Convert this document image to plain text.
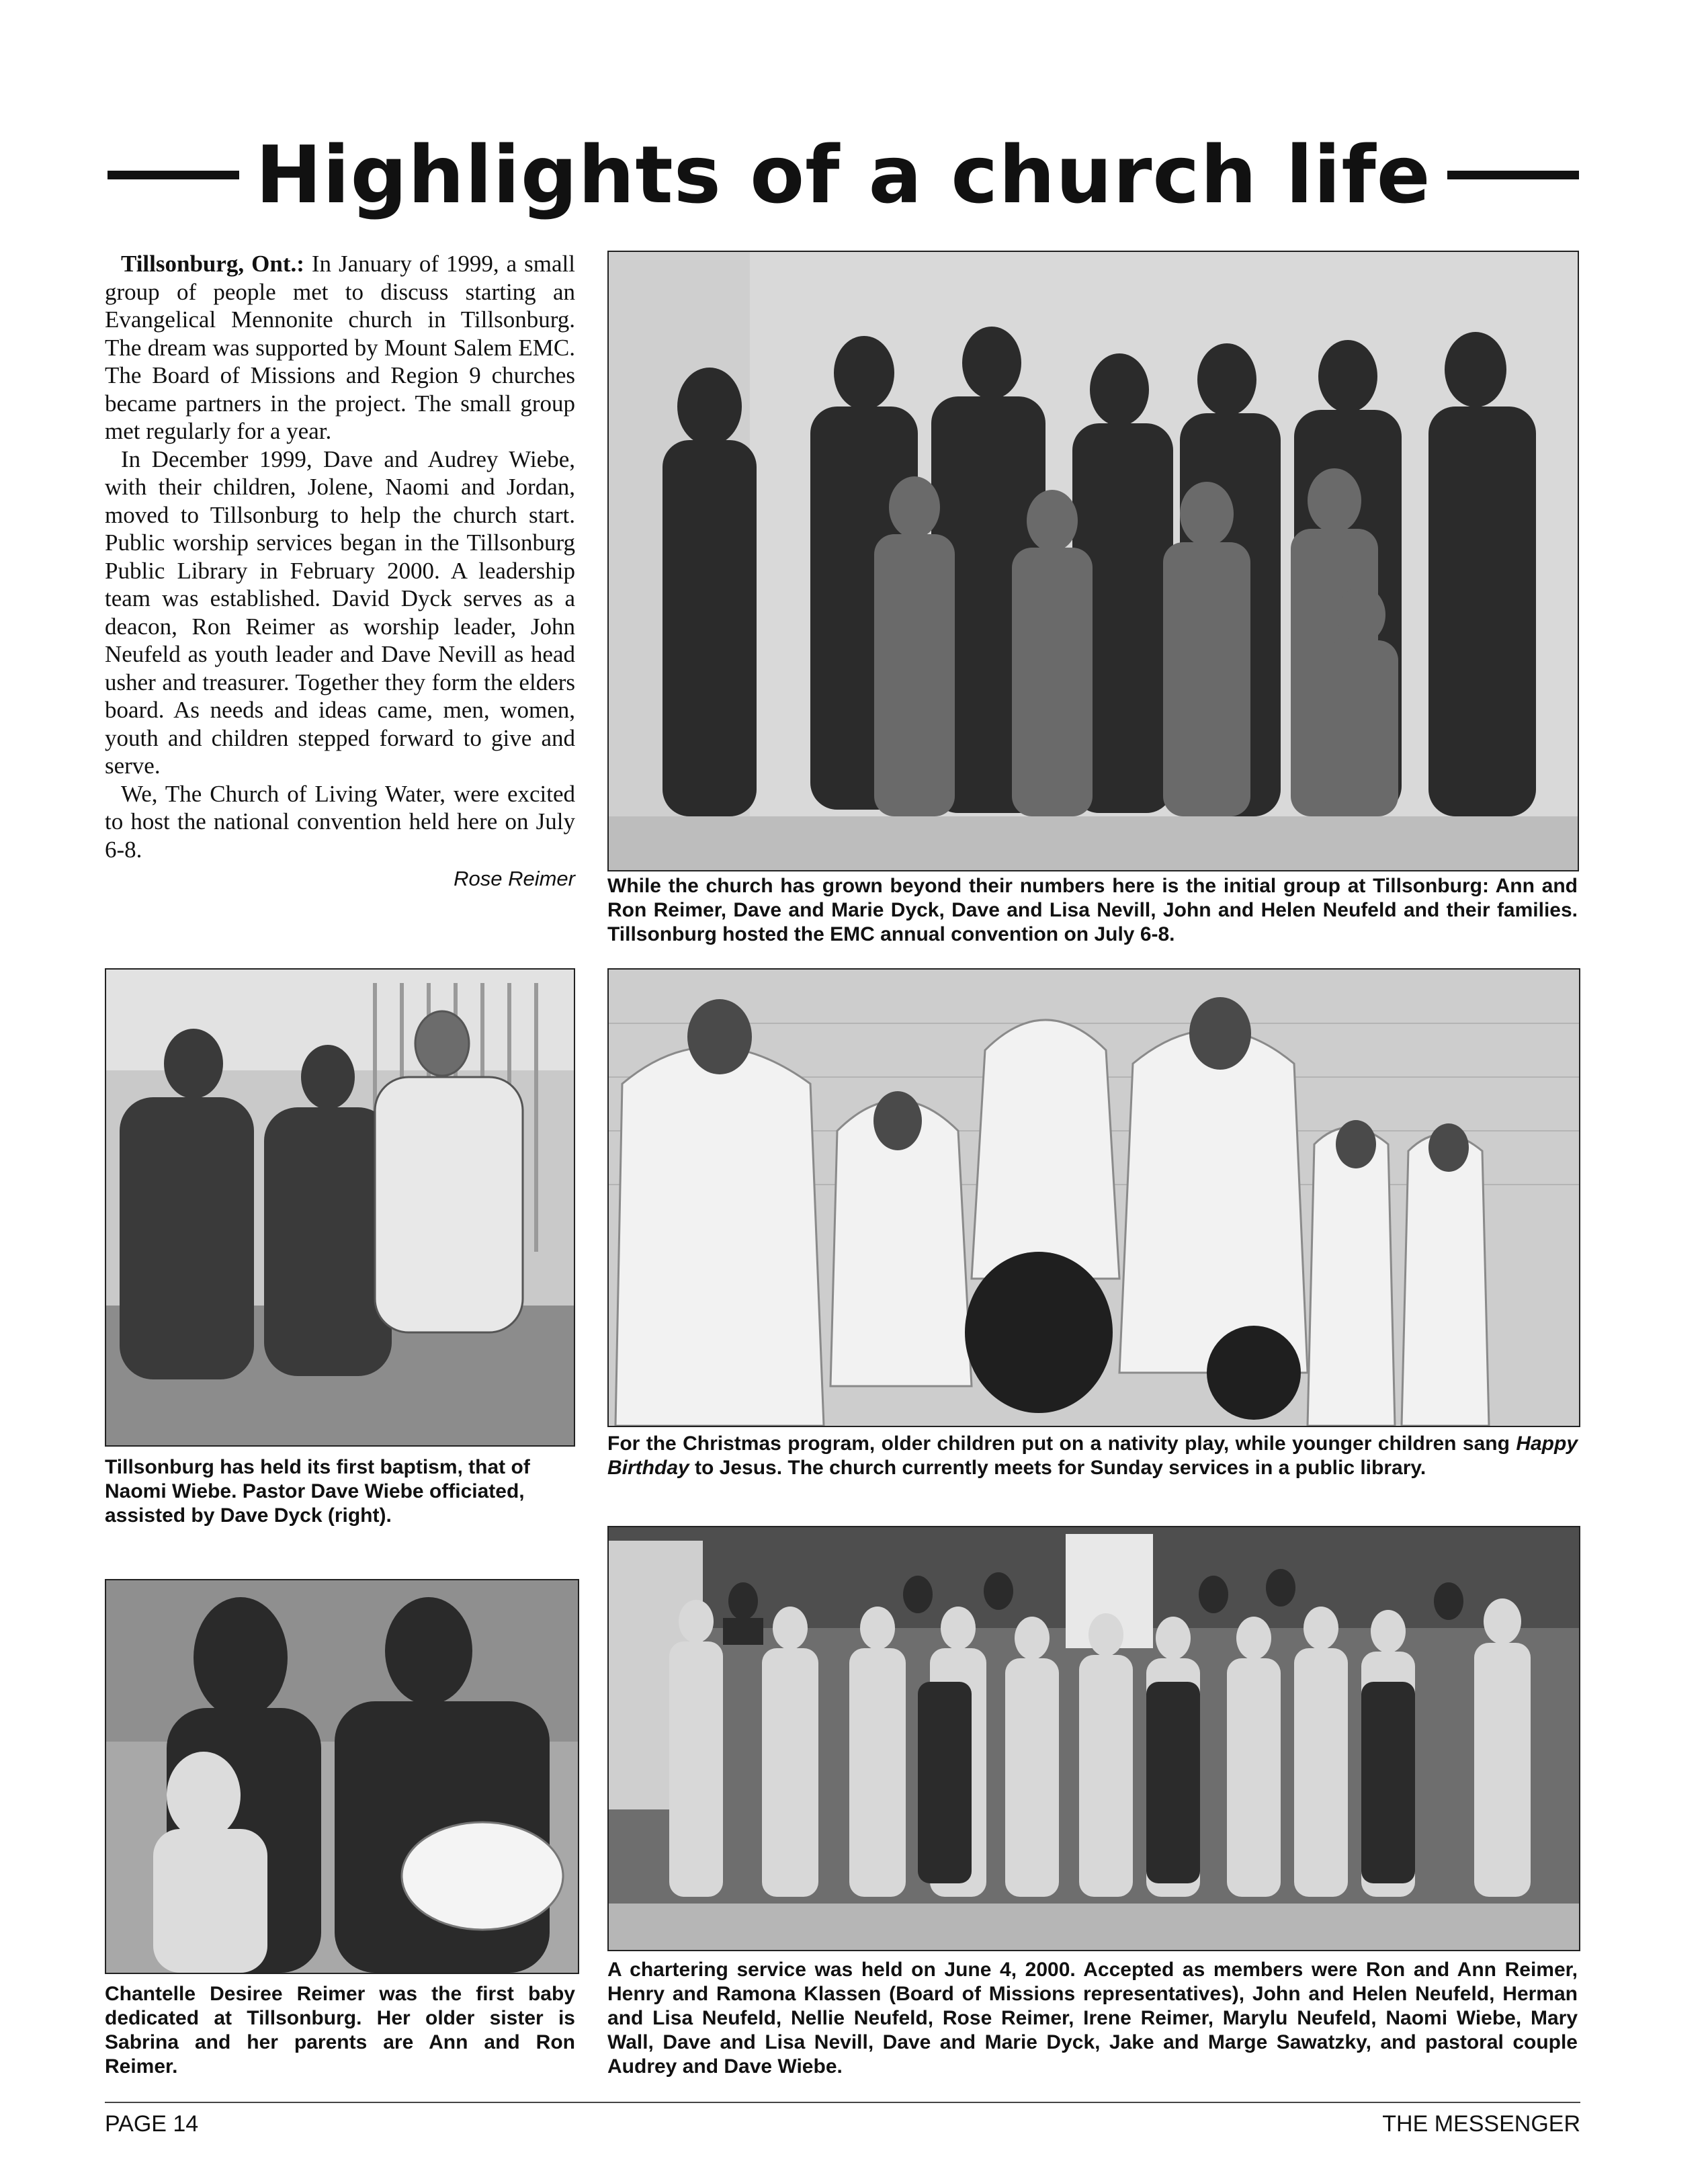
Highlights of a church life

Tillsonburg, Ont.: In January of 1999, a small group of people met to discuss starting an Evangelical Mennonite church in Tillsonburg. The dream was supported by Mount Salem EMC. The Board of Missions and Region 9 churches became partners in the project. The small group met regularly for a year.

In December 1999, Dave and Audrey Wiebe, with their children, Jolene, Naomi and Jordan, moved to Tillsonburg to help the church start. Public worship services began in the Tillsonburg Public Library in February 2000. A leadership team was established. David Dyck serves as a deacon, Ron Reimer as worship leader, John Neufeld as youth leader and Dave Nevill as head usher and treasurer. Together they form the elders board. As needs and ideas came, men, women, youth and children stepped forward to give and serve.

We, The Church of Living Water, were excited to host the national convention held here on July 6-8.

Rose Reimer While the church has grown beyond their numbers here is the initial group at Tillsonburg: Ann and Ron Reimer, Dave and Marie Dyck, Dave and Lisa Nevill, John and Helen Neufeld and their families. Tillsonburg hosted the EMC annual convention on July 6-8.
Tillsonburg has held its first baptism, that of Naomi Wiebe. Pastor Dave Wiebe officiated, assisted by Dave Dyck (right).
For the Christmas program, older children put on a nativity play, while younger children sang Happy Birthday to Jesus. The church currently meets for Sunday services in a public library.
Chantelle Desiree Reimer was the first baby dedicated at Tillsonburg. Her older sister is Sabrina and her parents are Ann and Ron Reimer.
A chartering service was held on June 4, 2000. Accepted as members were Ron and Ann Reimer, Henry and Ramona Klassen (Board of Missions representatives), John and Helen Neufeld, Herman and Lisa Neufeld, Nellie Neufeld, Rose Reimer, Irene Reimer, Marylu Neufeld, Naomi Wiebe, Mary Wall, Dave and Lisa Nevill, Dave and Marie Dyck, Jake and Marge Sawatzky, and pastoral couple Audrey and Dave Wiebe.
PAGE 14	THE MESSENGER
